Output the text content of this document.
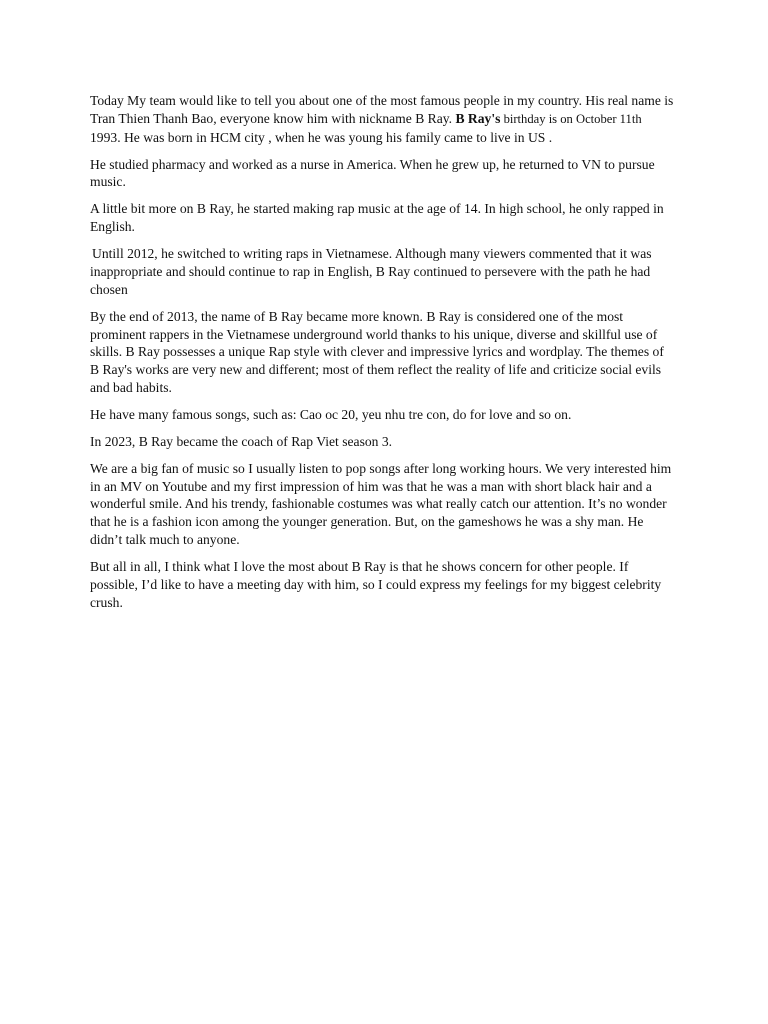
Today My team would like to tell you about one of the most famous people in my country. His real name is Tran Thien Thanh Bao, everyone know him with nickname B Ray. B Ray's birthday is on October 11th
1993. He was born in HCM city , when he was young his family came to live in US .

He studied pharmacy and worked as a nurse in America. When he grew up, he returned to VN to pursue music.

A little bit more on B Ray, he started making rap music at the age of 14. In high school, he only rapped in English.

Untill 2012, he switched to writing raps in Vietnamese. Although many viewers commented that it was inappropriate and should continue to rap in English, B Ray continued to persevere with the path he had chosen

By the end of 2013, the name of B Ray became more known. B Ray is considered one of the most prominent rappers in the Vietnamese underground world thanks to his unique, diverse and skillful use of skills. B Ray possesses a unique Rap style with clever and impressive lyrics and wordplay. The themes of B Ray's works are very new and different; most of them reflect the reality of life and criticize social evils and bad habits.

He have many famous songs, such as: Cao oc 20, yeu nhu tre con, do for love and so on.

In 2023, B Ray became the coach of Rap Viet season 3.

We are a big fan of music so I usually listen to pop songs after long working hours. We very interested him in an MV on Youtube and my first impression of him was that he was a man with short black hair and a wonderful smile. And his trendy, fashionable costumes was what really catch our attention. It’s no wonder that he is a fashion icon among the younger generation. But, on the gameshows he was a shy man. He didn’t talk much to anyone.

But all in all, I think what I love the most about B Ray is that he shows concern for other people. If possible, I’d like to have a meeting day with him, so I could express my feelings for my biggest celebrity crush.
